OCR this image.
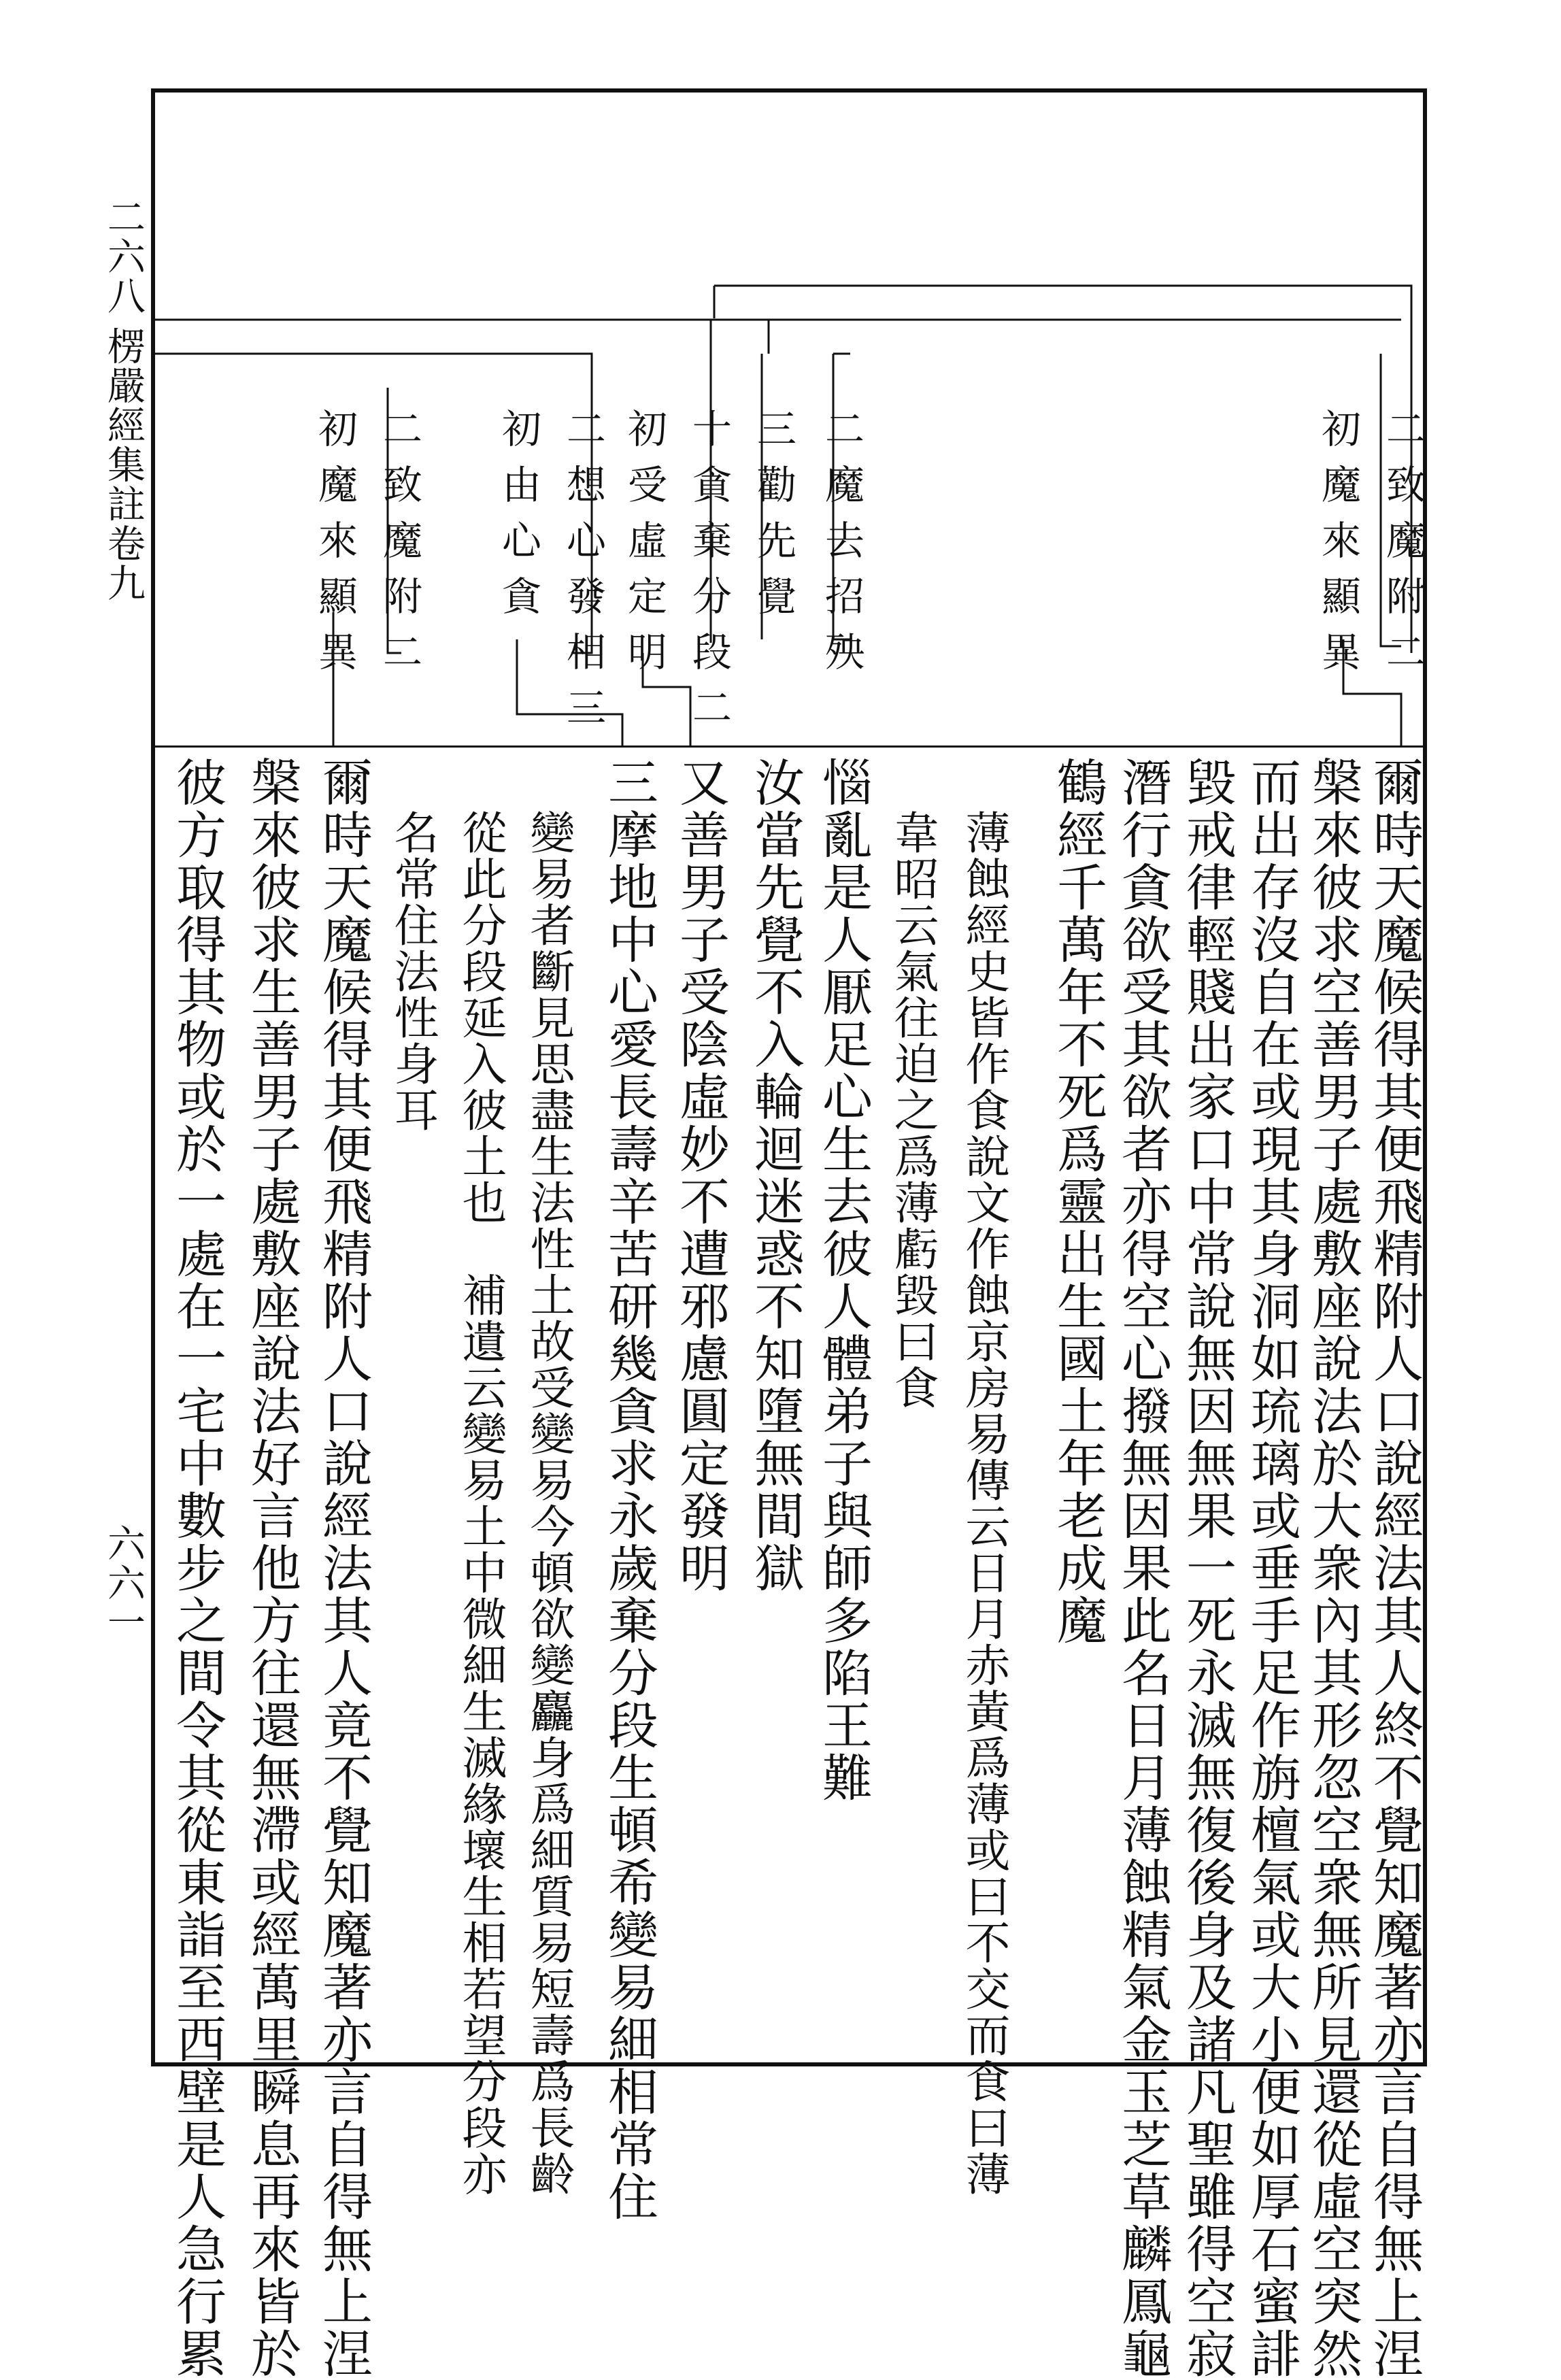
二六八
楞嚴經集註卷九
六六一
二致魔附二
初魔來顯異
二魔去招殃
三勸先覺
十貪棄分段二
初受虛定明
二想心發相三
初由心貪
二致魔附二
初魔來顯異
爾時天魔候得其便飛精附人口說經法其人終不覺知魔著亦言自得無上涅
槃來彼求空善男子處敷座說法於大衆內其形忽空衆無所見還從虛空突然
而出存沒自在或現其身洞如琉璃或垂手足作旃檀氣或大小便如厚石蜜誹
毀戒律輕賤出家口中常說無因無果一死永滅無復後身及諸凡聖雖得空寂
潛行貪欲受其欲者亦得空心撥無因果此名日月薄蝕精氣金玉芝草麟鳳龜
鶴經千萬年不死爲靈出生國土年老成魔
薄蝕經史皆作食說文作蝕京房易傳云日月赤黃爲薄或曰不交而食曰薄
韋昭云氣往迫之爲薄虧毀曰食
惱亂是人厭足心生去彼人體弟子與師多陷王難
汝當先覺不入輪迴迷惑不知墮無間獄
又善男子受陰虛妙不遭邪慮圓定發明
三摩地中心愛長壽辛苦研幾貪求永歲棄分段生頓希變易細相常住
變易者斷見思盡生法性土故受變易今頓欲變麤身爲細質易短壽爲長齡
從此分段延入彼土也　補遺云變易土中微細生滅緣壞生相若望分段亦
名常住法性身耳
爾時天魔候得其便飛精附人口說經法其人竟不覺知魔著亦言自得無上涅
槃來彼求生善男子處敷座說法好言他方往還無滯或經萬里瞬息再來皆於
彼方取得其物或於一處在一宅中數步之間令其從東詣至西壁是人急行累
